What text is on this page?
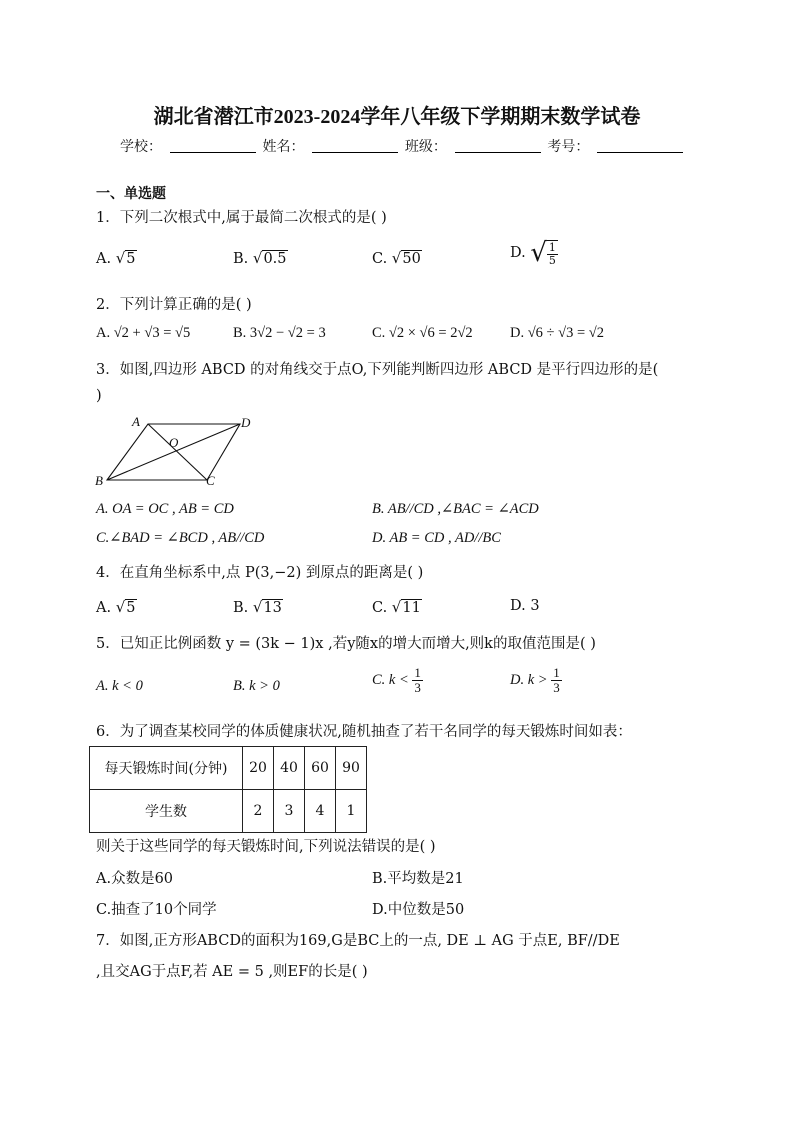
湖北省潜江市2023-2024学年八年级下学期期末数学试卷
学校：	姓名：	班级：	考号：
一、单选题
1．下列二次根式中,属于最简二次根式的是( )
A. √5	B. √0.5	C. √50	D. √ $\frac{1}{5}$
2．下列计算正确的是( )
A. √2 + √3 = √5	B. 3√2 − √2 = 3	C. √2 × √6 = 2√2	D. √6 ÷ √3 = √2
3．如图,四边形 ABCD 的对角线交于点O,下列能判断四边形 ABCD 是平行四边形的是(
)
A	D
B	C
O
A. OA = OC , AB = CD	B. AB//CD ,∠BAC = ∠ACD
C.∠BAD = ∠BCD , AB//CD	D. AB = CD , AD//BC
4．在直角坐标系中,点 P(3,−2) 到原点的距离是( )
A. √5	B. √13	C. √11	D. 3
5．已知正比例函数 y = (3k − 1)x ,若y随x的增大而增大,则k的取值范围是( )
A. k < 0	B. k > 0	C. $k < \frac{1}{3}$	D. $k > \frac{1}{3}$
6．为了调查某校同学的体质健康状况,随机抽查了若干名同学的每天锻炼时间如表：
每天锻炼时间(分钟)	20	40	60	90
学生数	2	3	4	1
则关于这些同学的每天锻炼时间,下列说法错误的是( )
A.众数是60	B.平均数是21
C.抽查了10个同学	D.中位数是50
7．如图,正方形ABCD的面积为169,G是BC上的一点, DE ⊥ AG 于点E, BF//DE
,且交AG于点F,若 AE = 5 ,则EF的长是( )
